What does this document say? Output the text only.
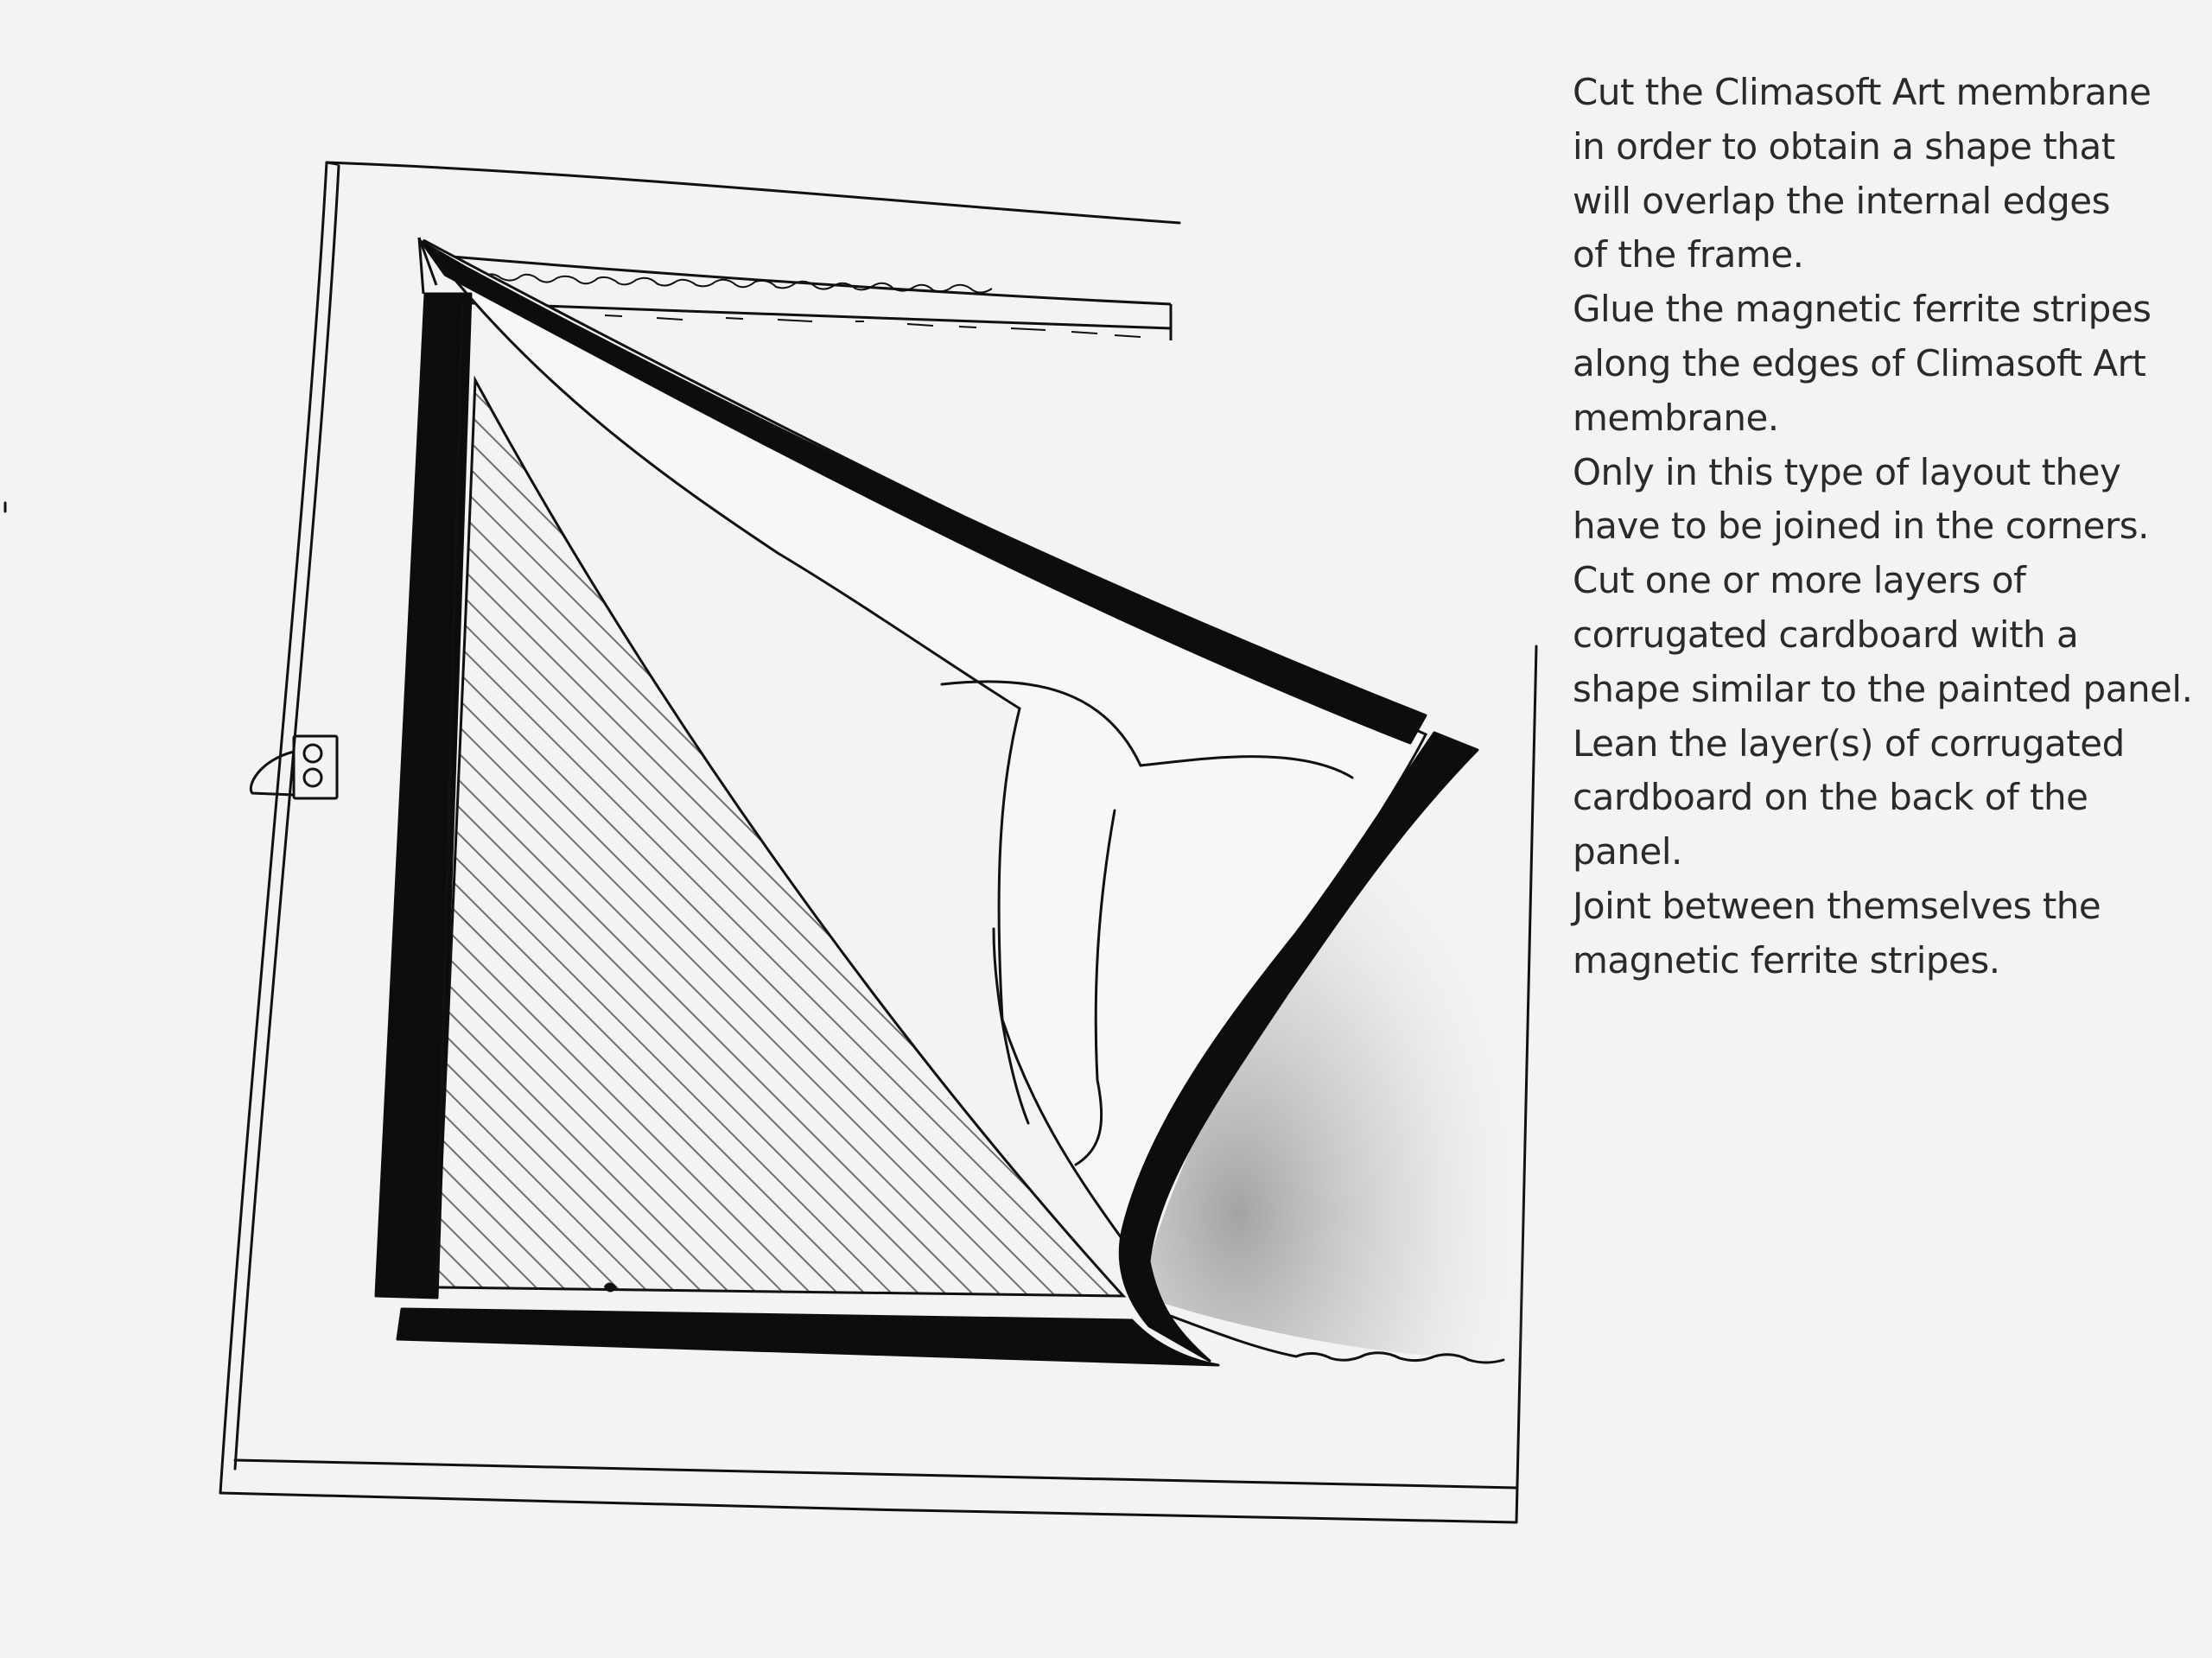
Cut the Climasoft Art membrane
in order to obtain a shape that
will overlap the internal edges
of the frame.
Glue the magnetic ferrite stripes
along the edges of Climasoft Art
membrane.
Only in this type of layout they
have to be joined in the corners.
Cut one or more layers of
corrugated cardboard with a
shape similar to the painted panel.
Lean the layer(s) of corrugated
cardboard on the back of the
panel.
Joint between themselves the
magnetic ferrite stripes.
